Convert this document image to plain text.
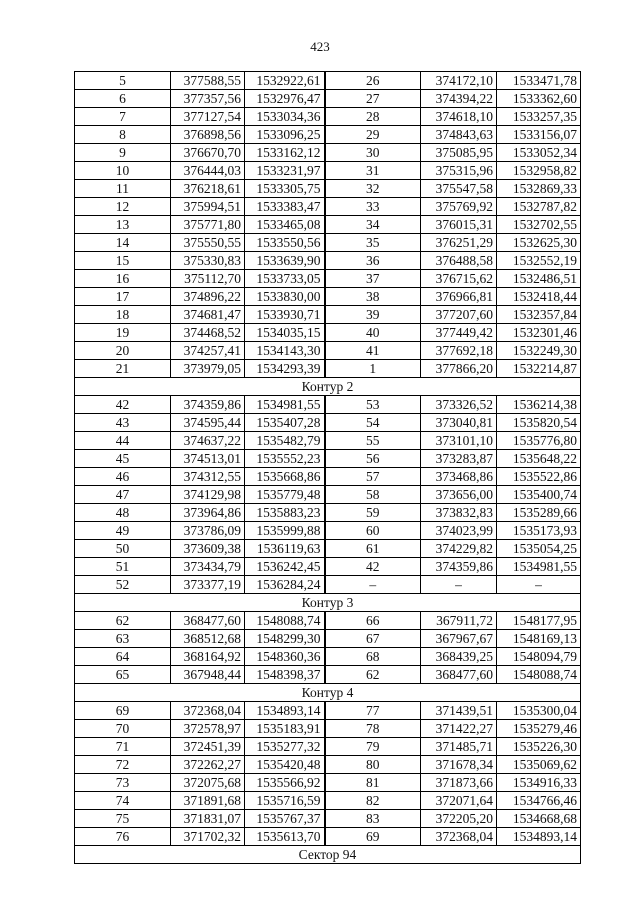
423
5	377588,55	1532922,61	26	374172,10	1533471,78
6	377357,56	1532976,47	27	374394,22	1533362,60
7	377127,54	1533034,36	28	374618,10	1533257,35
8	376898,56	1533096,25	29	374843,63	1533156,07
9	376670,70	1533162,12	30	375085,95	1533052,34
10	376444,03	1533231,97	31	375315,96	1532958,82
11	376218,61	1533305,75	32	375547,58	1532869,33
12	375994,51	1533383,47	33	375769,92	1532787,82
13	375771,80	1533465,08	34	376015,31	1532702,55
14	375550,55	1533550,56	35	376251,29	1532625,30
15	375330,83	1533639,90	36	376488,58	1532552,19
16	375112,70	1533733,05	37	376715,62	1532486,51
17	374896,22	1533830,00	38	376966,81	1532418,44
18	374681,47	1533930,71	39	377207,60	1532357,84
19	374468,52	1534035,15	40	377449,42	1532301,46
20	374257,41	1534143,30	41	377692,18	1532249,30
21	373979,05	1534293,39	1	377866,20	1532214,87
Контур 2					
42	374359,86	1534981,55	53	373326,52	1536214,38
43	374595,44	1535407,28	54	373040,81	1535820,54
44	374637,22	1535482,79	55	373101,10	1535776,80
45	374513,01	1535552,23	56	373283,87	1535648,22
46	374312,55	1535668,86	57	373468,86	1535522,86
47	374129,98	1535779,48	58	373656,00	1535400,74
48	373964,86	1535883,23	59	373832,83	1535289,66
49	373786,09	1535999,88	60	374023,99	1535173,93
50	373609,38	1536119,63	61	374229,82	1535054,25
51	373434,79	1536242,45	42	374359,86	1534981,55
52	373377,19	1536284,24	–	–	–
Контур 3					
62	368477,60	1548088,74	66	367911,72	1548177,95
63	368512,68	1548299,30	67	367967,67	1548169,13
64	368164,92	1548360,36	68	368439,25	1548094,79
65	367948,44	1548398,37	62	368477,60	1548088,74
Контур 4					
69	372368,04	1534893,14	77	371439,51	1535300,04
70	372578,97	1535183,91	78	371422,27	1535279,46
71	372451,39	1535277,32	79	371485,71	1535226,30
72	372262,27	1535420,48	80	371678,34	1535069,62
73	372075,68	1535566,92	81	371873,66	1534916,33
74	371891,68	1535716,59	82	372071,64	1534766,46
75	371831,07	1535767,37	83	372205,20	1534668,68
76	371702,32	1535613,70	69	372368,04	1534893,14
Сектор 94					
